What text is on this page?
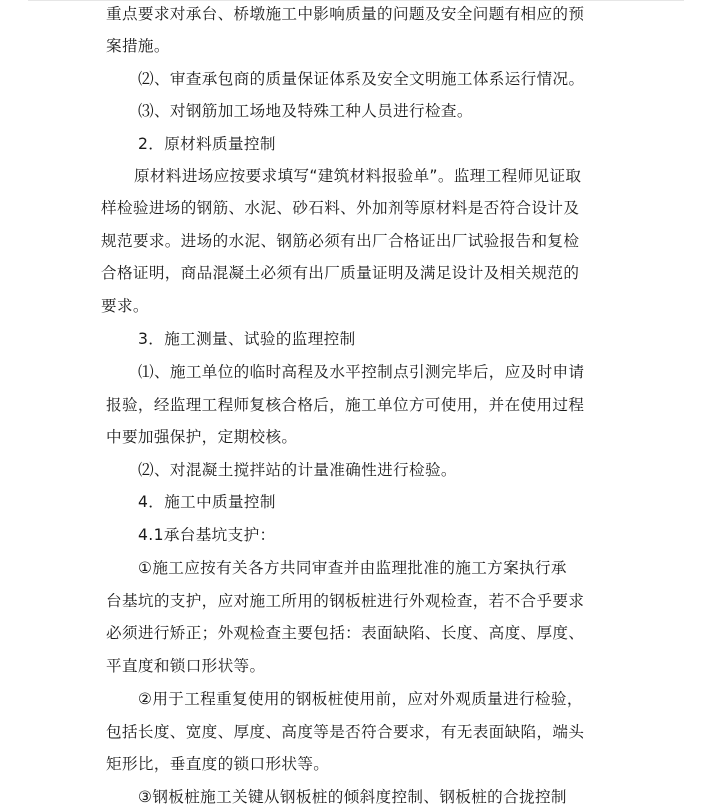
重点要求对承台、桥墩施工中影响质量的问题及安全问题有相应的预
案措施。
⑵、审查承包商的质量保证体系及安全文明施工体系运行情况。
⑶、对钢筋加工场地及特殊工种人员进行检查。
2．原材料质量控制
原材料进场应按要求填写“建筑材料报验单”。监理工程师见证取
样检验进场的钢筋、水泥、砂石料、外加剂等原材料是否符合设计及
规范要求。进场的水泥、钢筋必须有出厂合格证出厂试验报告和复检
合格证明，商品混凝土必须有出厂质量证明及满足设计及相关规范的
要求。
3．施工测量、试验的监理控制
⑴、施工单位的临时高程及水平控制点引测完毕后，应及时申请
报验，经监理工程师复核合格后，施工单位方可使用，并在使用过程
中要加强保护，定期校核。
⑵、对混凝土搅拌站的计量准确性进行检验。
4．施工中质量控制
4.1承台基坑支护：
①施工应按有关各方共同审查并由监理批准的施工方案执行承
台基坑的支护，应对施工所用的钢板桩进行外观检查，若不合乎要求
必须进行矫正；外观检查主要包括：表面缺陷、长度、高度、厚度、
平直度和锁口形状等。
②用于工程重复使用的钢板桩使用前，应对外观质量进行检验，
包括长度、宽度、厚度、高度等是否符合要求，有无表面缺陷，端头
矩形比，垂直度的锁口形状等。
③钢板桩施工关键从钢板桩的倾斜度控制、钢板桩的合拢控制
